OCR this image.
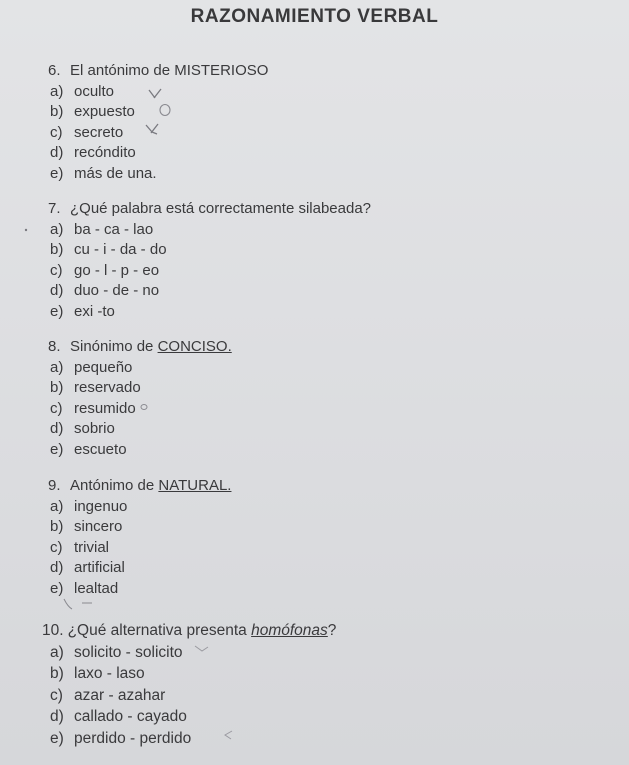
RAZONAMIENTO VERBAL
6. El antónimo de MISTERIOSO
a) oculto
b) expuesto
c) secreto
d) recóndito
e) más de una.
7. ¿Qué palabra está correctamente silabeada?
a) ba - ca - lao
b) cu - i - da - do
c) go - l - p - eo
d) duo - de - no
e) exi -to
8. Sinónimo de CONCISO.
a) pequeño
b) reservado
c) resumido
d) sobrio
e) escueto
9. Antónimo de NATURAL.
a) ingenuo
b) sincero
c) trivial
d) artificial
e) lealtad
10. ¿Qué alternativa presenta homófonas?
a) solicito - solicito
b) laxo - laso
c) azar - azahar
d) callado - cayado
e) perdido - perdido
